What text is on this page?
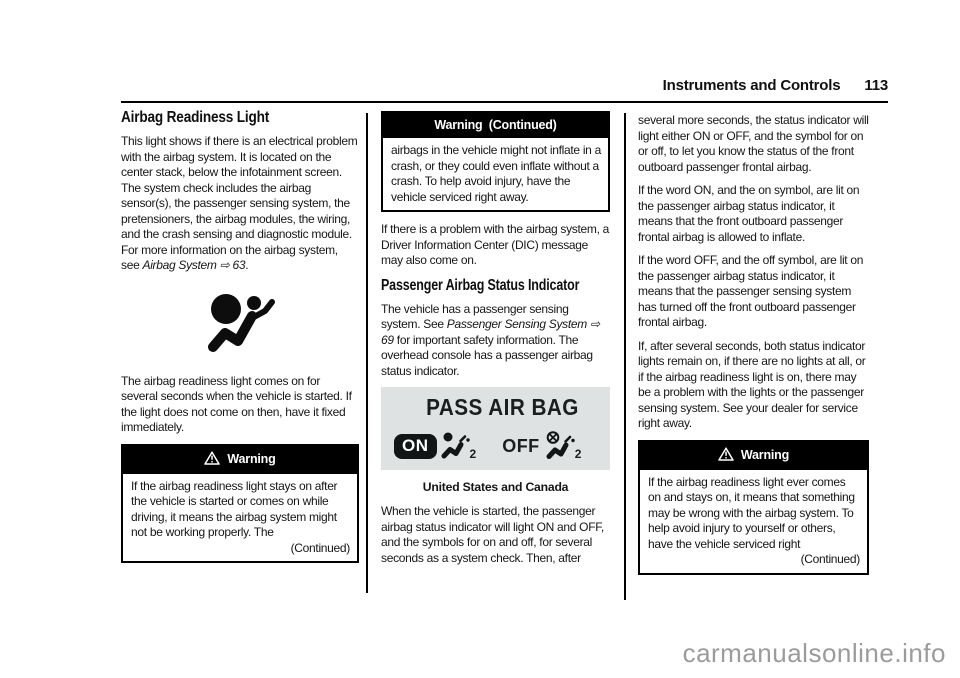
Instruments and Controls 113
Airbag Readiness Light

This light shows if there is an electrical problem with the airbag system. It is located on the center stack, below the infotainment screen. The system check includes the airbag sensor(s), the passenger sensing system, the pretensioners, the airbag modules, the wiring, and the crash sensing and diagnostic module. For more information on the airbag system, see Airbag System ⇨ 63.

The airbag readiness light comes on for several seconds when the vehicle is started. If the light does not come on then, have it fixed immediately.

Warning
If the airbag readiness light stays on after the vehicle is started or comes on while driving, it means the airbag system might not be working properly. The
(Continued)
Warning (Continued)
airbags in the vehicle might not inflate in a crash, or they could even inflate without a crash. To help avoid injury, have the vehicle serviced right away.

If there is a problem with the airbag system, a Driver Information Center (DIC) message may also come on.

Passenger Airbag Status Indicator

The vehicle has a passenger sensing system. See Passenger Sensing System ⇨ 69 for important safety information. The overhead console has a passenger airbag status indicator.

PASS AIR BAG
ON	2 OFF	2
United States and Canada

When the vehicle is started, the passenger airbag status indicator will light ON and OFF, and the symbols for on and off, for several seconds as a system check. Then, after

several more seconds, the status indicator will light either ON or OFF, and the symbol for on or off, to let you know the status of the front outboard passenger frontal airbag.

If the word ON, and the on symbol, are lit on the passenger airbag status indicator, it means that the front outboard passenger frontal airbag is allowed to inflate.

If the word OFF, and the off symbol, are lit on the passenger airbag status indicator, it means that the passenger sensing system has turned off the front outboard passenger frontal airbag.

If, after several seconds, both status indicator lights remain on, if there are no lights at all, or if the airbag readiness light is on, there may be a problem with the lights or the passenger sensing system. See your dealer for service right away.

Warning
If the airbag readiness light ever comes on and stays on, it means that something may be wrong with the airbag system. To help avoid injury to yourself or others, have the vehicle serviced right
(Continued)
carmanualsonline.info
